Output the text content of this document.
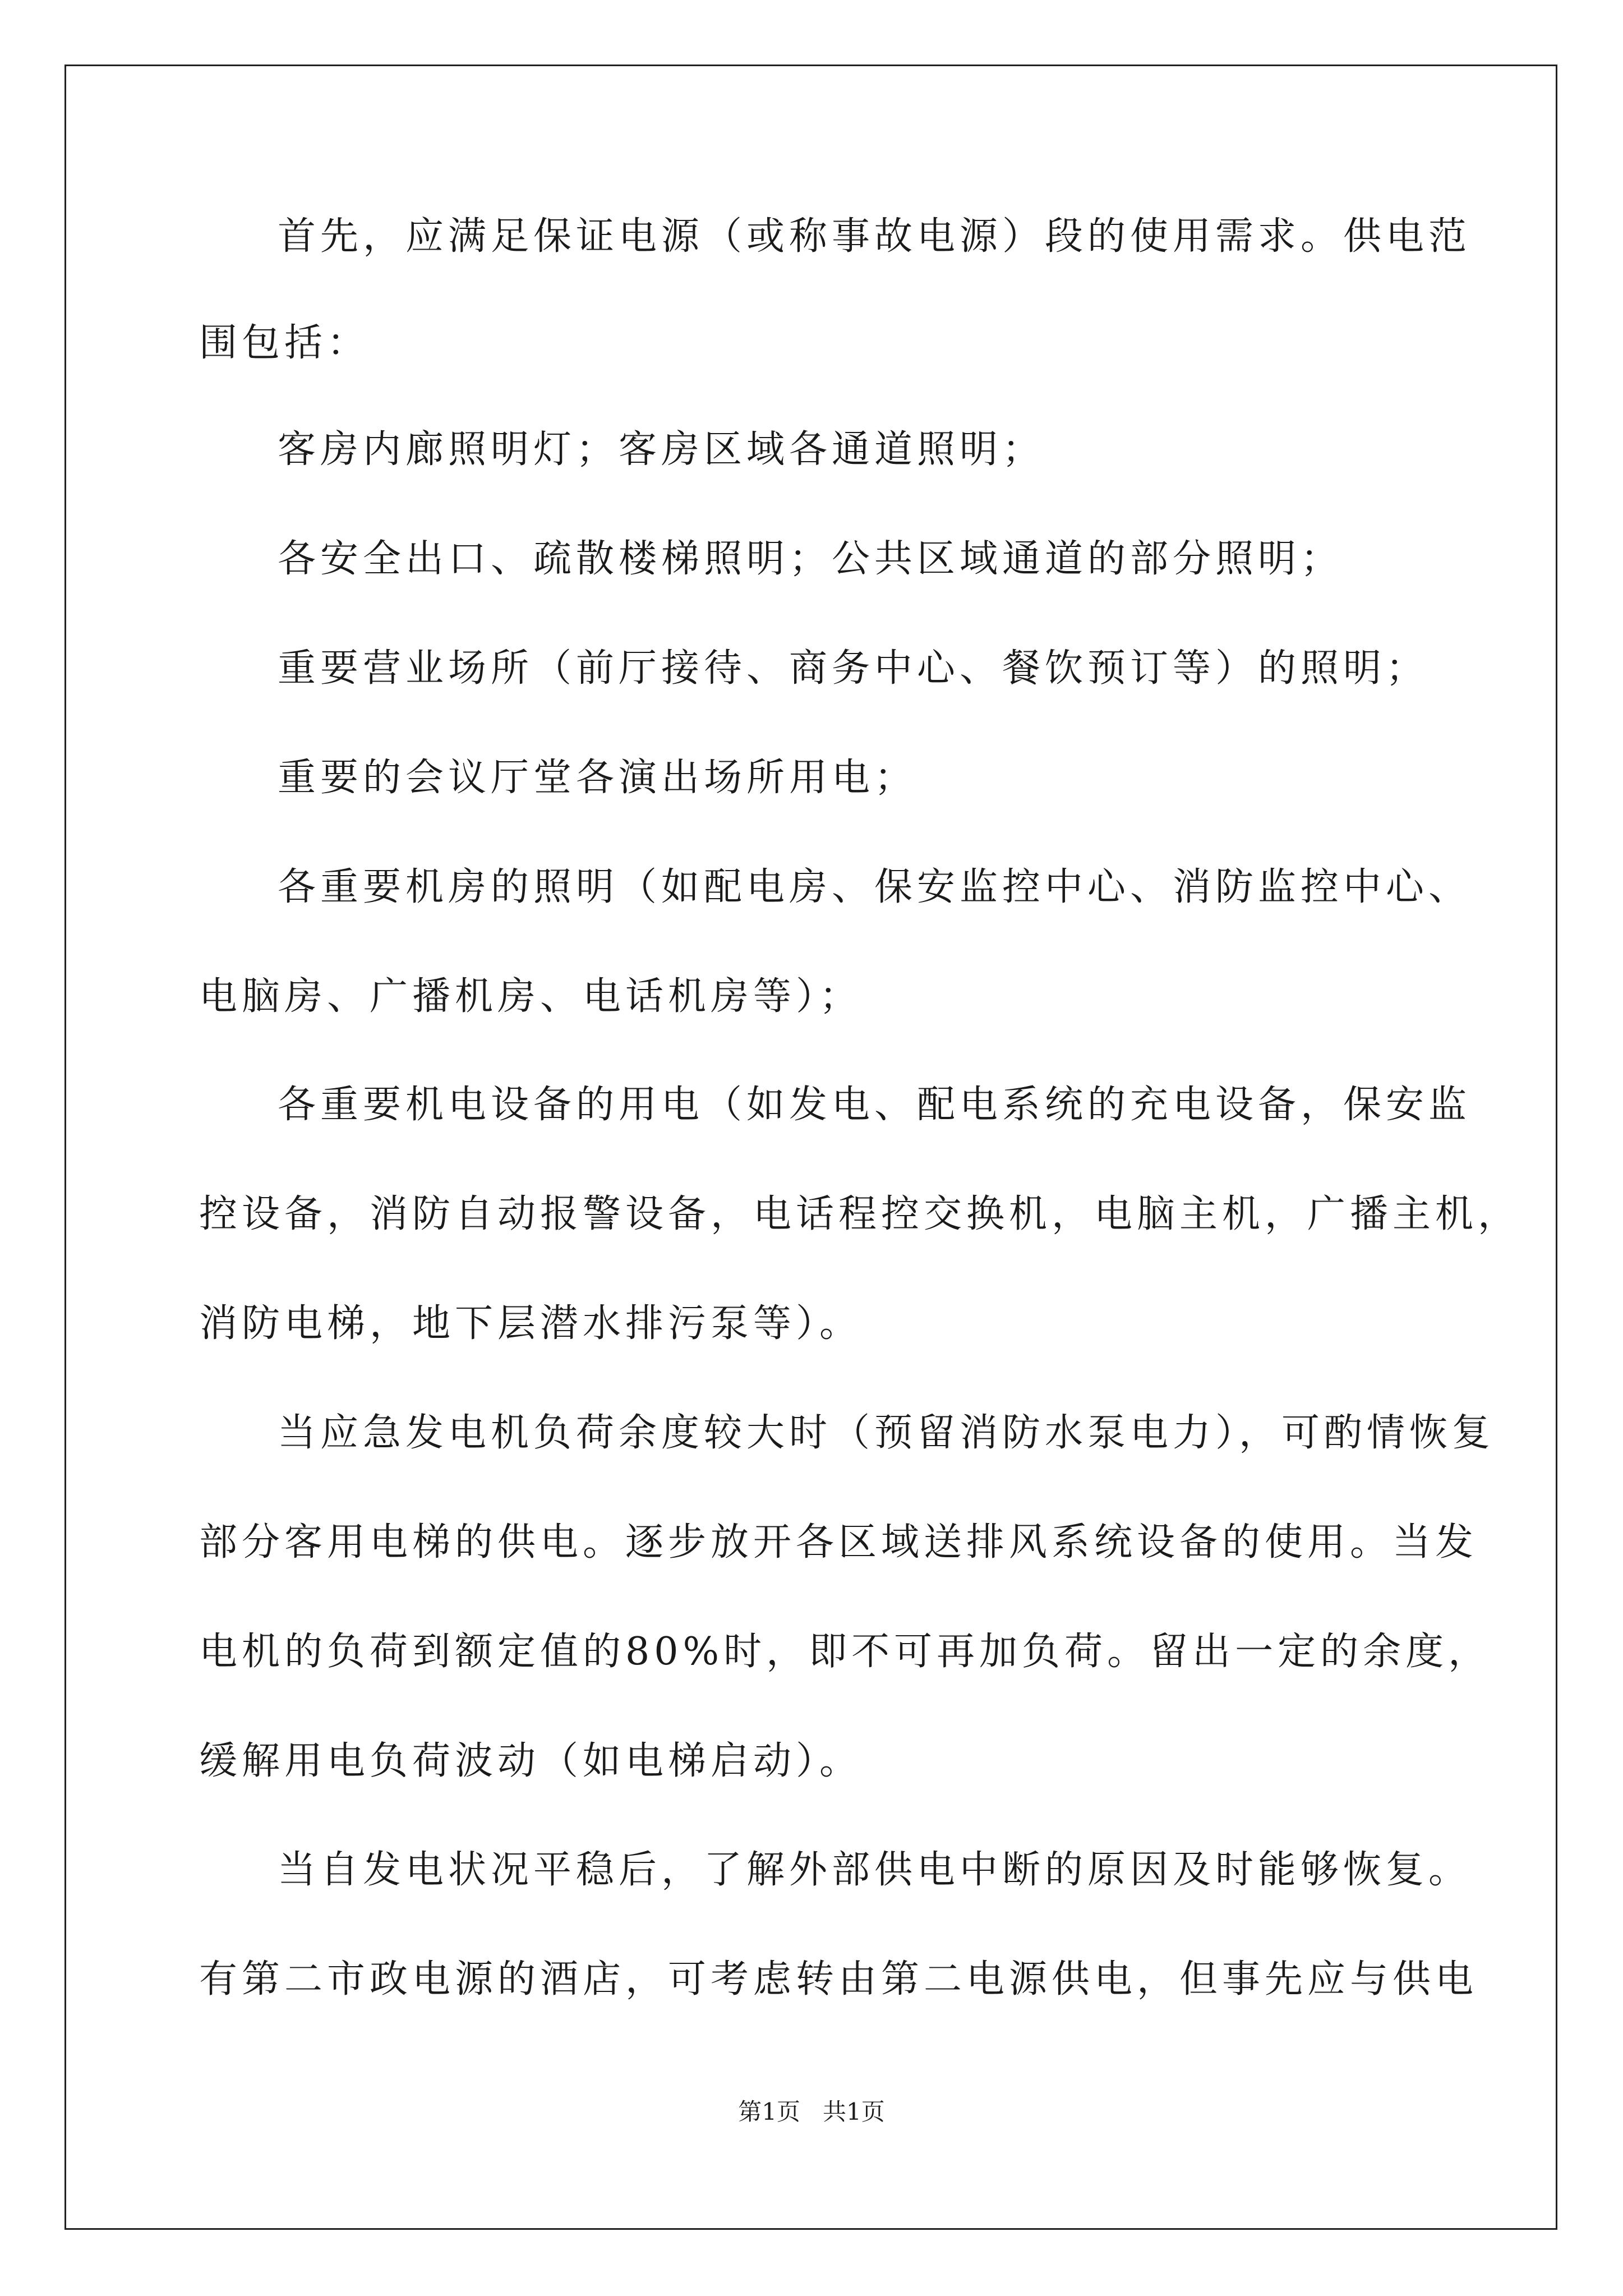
首先，应满足保证电源（或称事故电源）段的使用需求。供电范
围包括：
客房内廊照明灯；客房区域各通道照明；
各安全出口、疏散楼梯照明；公共区域通道的部分照明；
重要营业场所（前厅接待、商务中心、餐饮预订等）的照明；
重要的会议厅堂各演出场所用电；
各重要机房的照明（如配电房、保安监控中心、消防监控中心、
电脑房、广播机房、电话机房等）；
各重要机电设备的用电（如发电、配电系统的充电设备，保安监
控设备，消防自动报警设备，电话程控交换机，电脑主机，广播主机，
消防电梯，地下层潜水排污泵等）。
当应急发电机负荷余度较大时（预留消防水泵电力），可酌情恢复
部分客用电梯的供电。逐步放开各区域送排风系统设备的使用。当发
电机的负荷到额定值的80%时，即不可再加负荷。留出一定的余度，
缓解用电负荷波动（如电梯启动）。
当自发电状况平稳后，了解外部供电中断的原因及时能够恢复。
有第二市政电源的酒店，可考虑转由第二电源供电，但事先应与供电
第1页   共1页
